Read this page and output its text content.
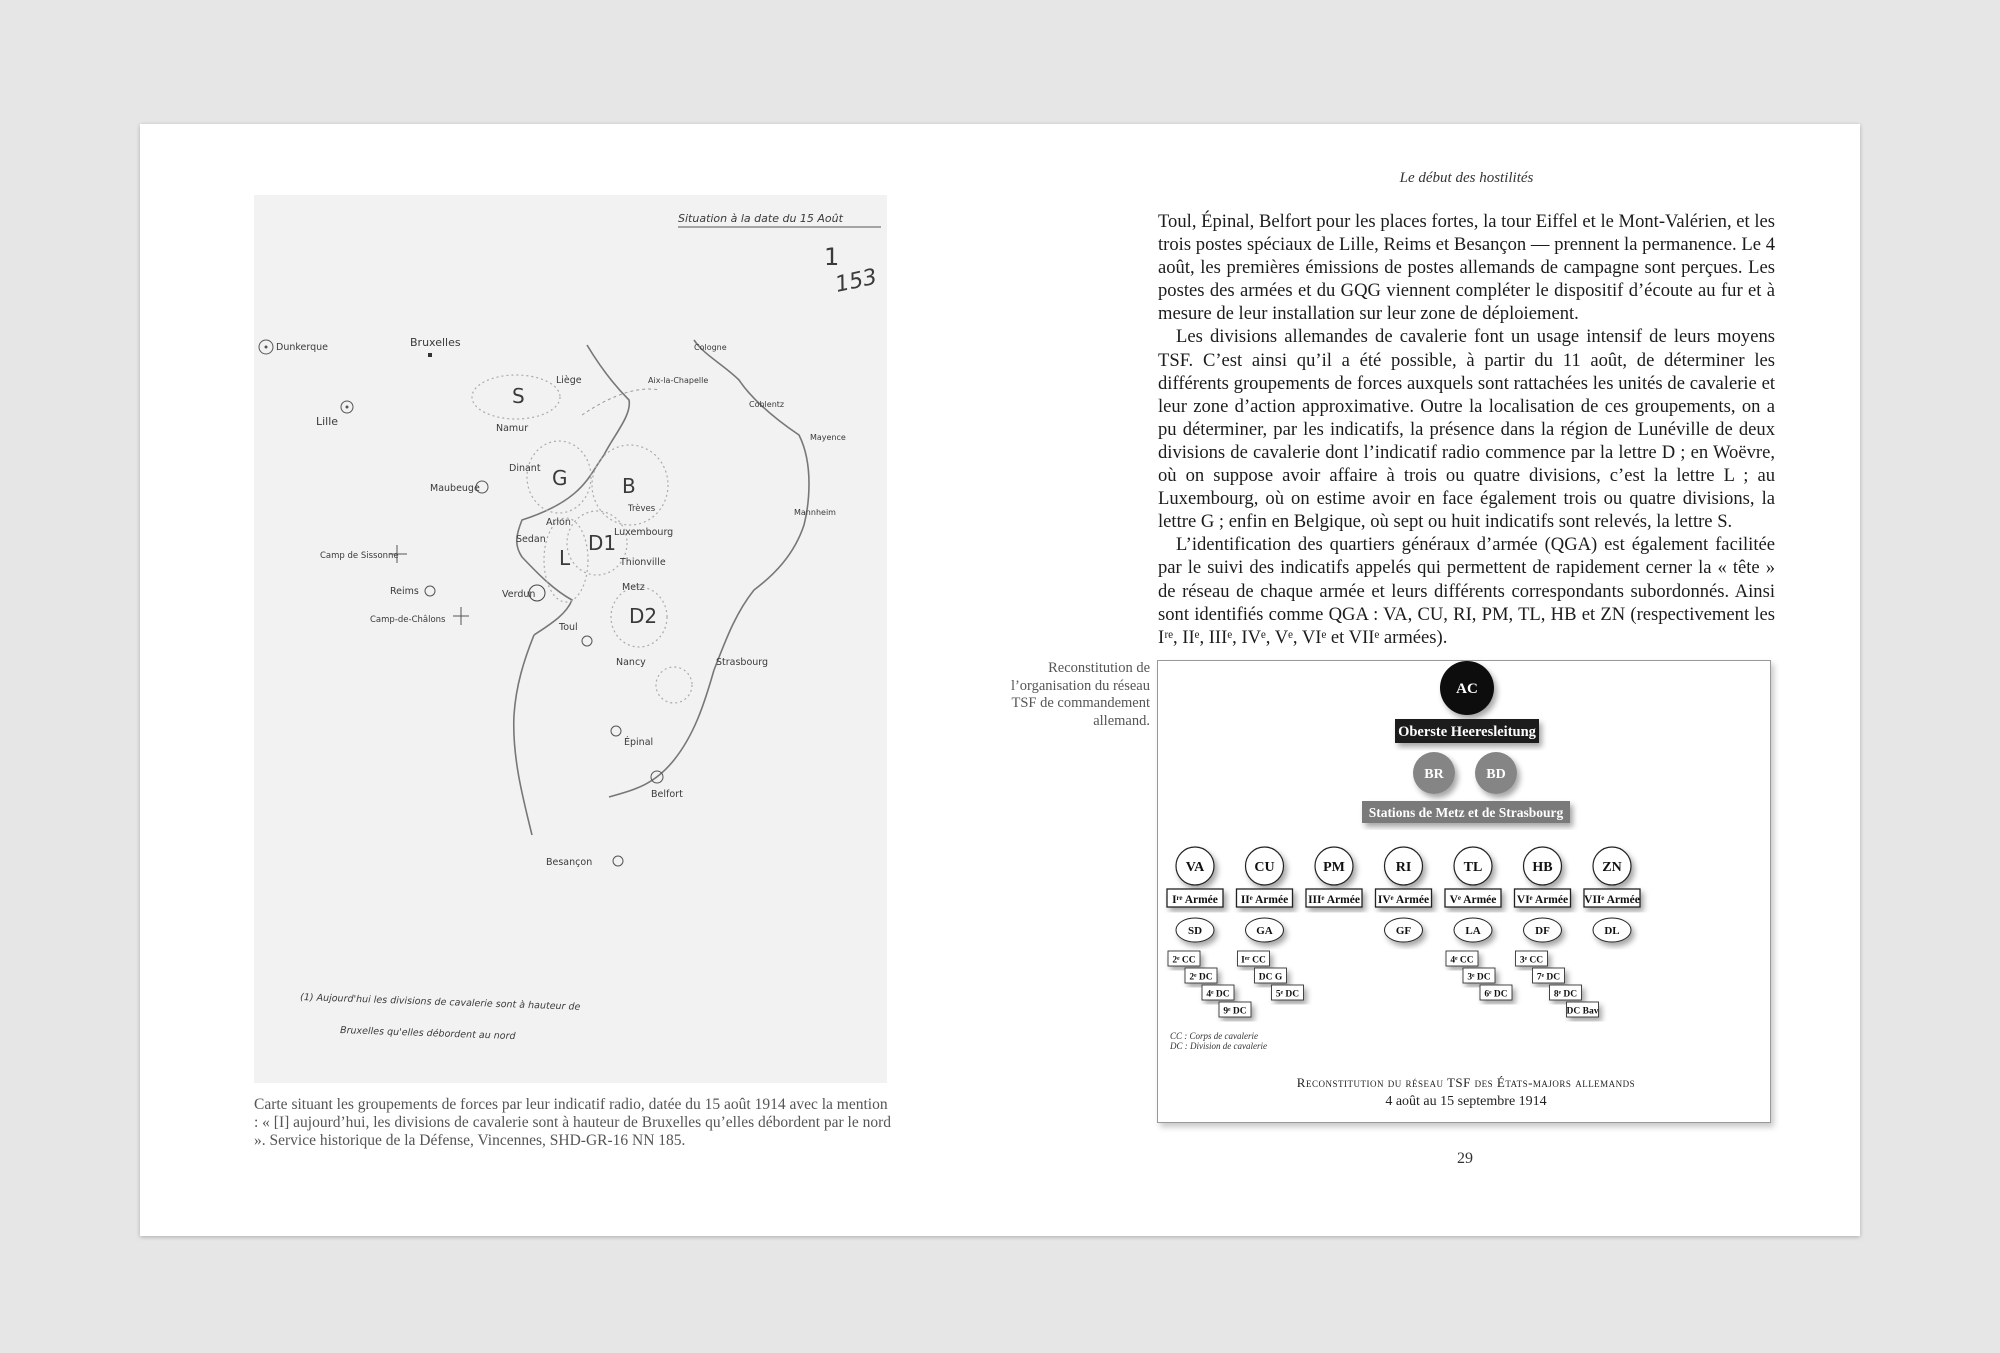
Situation à la date du 15 Août
1
153
S
G	B
D1
L
D2
Dunkerque	Bruxelles
Lille
Liège
Namur
Dinant
Maubeuge
Arlon
Sedan
Luxembourg
Thionville
Verdun
Metz
Toul
Nancy	Strasbourg
Épinal
Belfort
Besançon
Camp de Sissonne
Reims
Camp-de-Châlons
Cologne
Aix-la-Chapelle
Coblentz
Mayence
Trèves	Mannheim
(1) Aujourd'hui les divisions de cavalerie sont à hauteur de
Bruxelles qu'elles débordent au nord
Carte situant les groupements de forces par leur indicatif radio, datée du 15 août 1914 avec la mention : « [I] aujourd’hui, les divisions de cavalerie sont à hauteur de Bruxelles qu’elles débordent par le nord ». Service historique de la Défense, Vincennes, SHD-GR-16 NN 185.
Le début des hostilités

Toul, Épinal, Belfort pour les places fortes, la tour Eiffel et le Mont-Valérien, et les trois postes spéciaux de Lille, Reims et Besançon — prennent la permanence. Le 4 août, les premières émissions de postes allemands de campagne sont perçues. Les postes des armées et du GQG viennent compléter le dispositif d’écoute au fur et à mesure de leur installation sur leur zone de déploiement.

Les divisions allemandes de cavalerie font un usage intensif de leurs moyens TSF. C’est ainsi qu’il a été possible, à partir du 11 août, de déterminer les différents groupements de forces auxquels sont rattachées les unités de cavalerie et leur zone d’action approximative. Outre la localisation de ces groupements, on a pu déterminer, par les indicatifs, la présence dans la région de Lunéville de deux divisions de cavalerie dont l’indicatif radio commence par la lettre D ; en Woëvre, où on suppose avoir affaire à trois ou quatre divisions, c’est la lettre L ; au Luxembourg, où on estime avoir en face également trois ou quatre divisions, la lettre G ; enfin en Belgique, où sept ou huit indicatifs sont relevés, la lettre S.

L’identification des quartiers généraux d’armée (QGA) est également facilitée par le suivi des indicatifs appelés qui permettent de rapidement cerner la « tête » de réseau de chaque armée et leurs différents correspondants subordonnés. Ainsi sont identifiés comme QGA : VA, CU, RI, PM, TL, HB et ZN (respectivement les Iʳᵉ, IIᵉ, IIIᵉ, IVᵉ, Vᵉ, VIᵉ et VIIᵉ armées).

Reconstitution de l’organisation du réseau TSF de commandement allemand.
AC
Oberste Heeresleitung
BR	BD
Stations de Metz et de Strasbourg
VA
Iʳᵉ Armée
SD
2ᵉ CC
2ᵉ DC
4ᵉ DC
9ᵉ DC
CU
IIᵉ Armée
GA
Iᵉʳ CC
DC G
5ᵉ DC
PM
IIIᵉ Armée
RI
IVᵉ Armée
GF
TL
Vᵉ Armée
LA
4ᵉ CC
3ᵉ DC
6ᵉ DC
HB
VIᵉ Armée
DF
3ᵉ CC
7ᵉ DC
8ᵉ DC
DC Bav
ZN
VIIᵉ Armée
DL
CC : Corps de cavalerie
DC : Division de cavalerie
Reconstitution du réseau TSF des États-majors allemands
4 août au 15 septembre 1914
29
